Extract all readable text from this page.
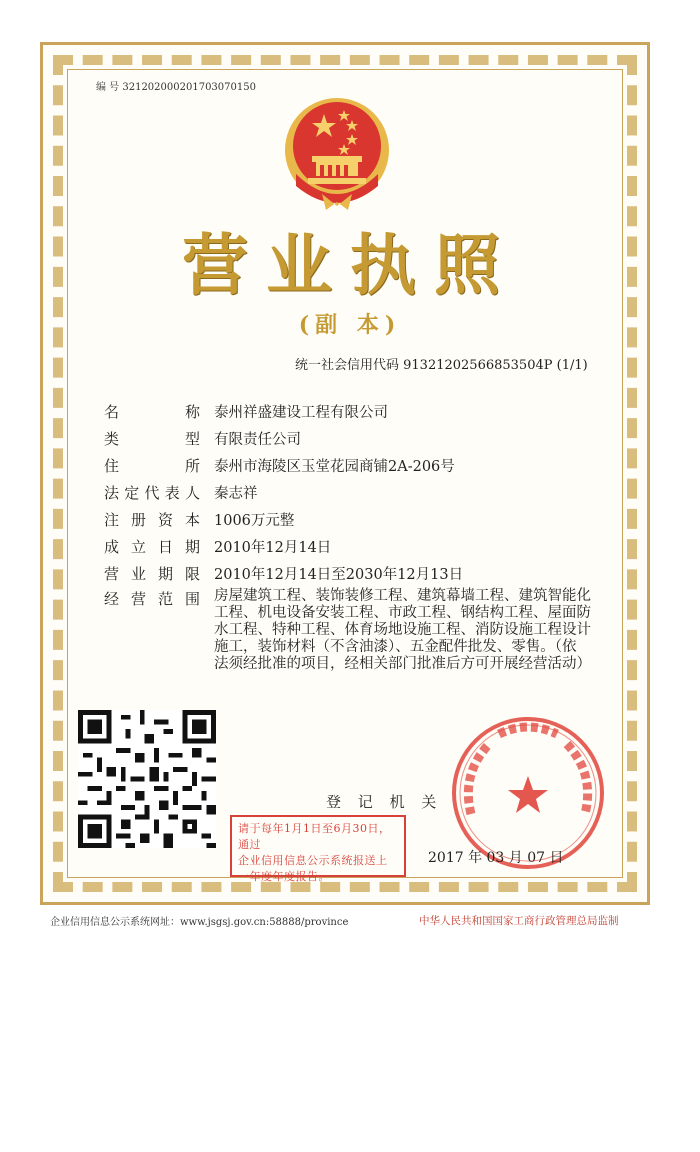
编 号 321202000201703070150
营业执照
(副 本)
统一社会信用代码 91321202566853504P (1/1)
名称 泰州祥盛建设工程有限公司
类型 有限责任公司
住所 泰州市海陵区玉堂花园商铺2A-206号
法定代表人 秦志祥
注册资本 1006万元整
成立日期 2010年12月14日
营业期限 2010年12月14日至2030年12月13日
经营范围 房屋建筑工程、装饰装修工程、建筑幕墙工程、建筑智能化
工程、机电设备安装工程、市政工程、钢结构工程、屋面防
水工程、特种工程、体育场地设施工程、消防设施工程设计
施工，装饰材料（不含油漆）、五金配件批发、零售。（依
法须经批准的项目，经相关部门批准后方可开展经营活动）
登 记 机 关
请于每年1月1日至6月30日，通过
企业信用信息公示系统报送上
一年度年度报告。
2017 年 03 月 07 日
企业信用信息公示系统网址：www.jsgsj.gov.cn:58888/province	中华人民共和国国家工商行政管理总局监制
